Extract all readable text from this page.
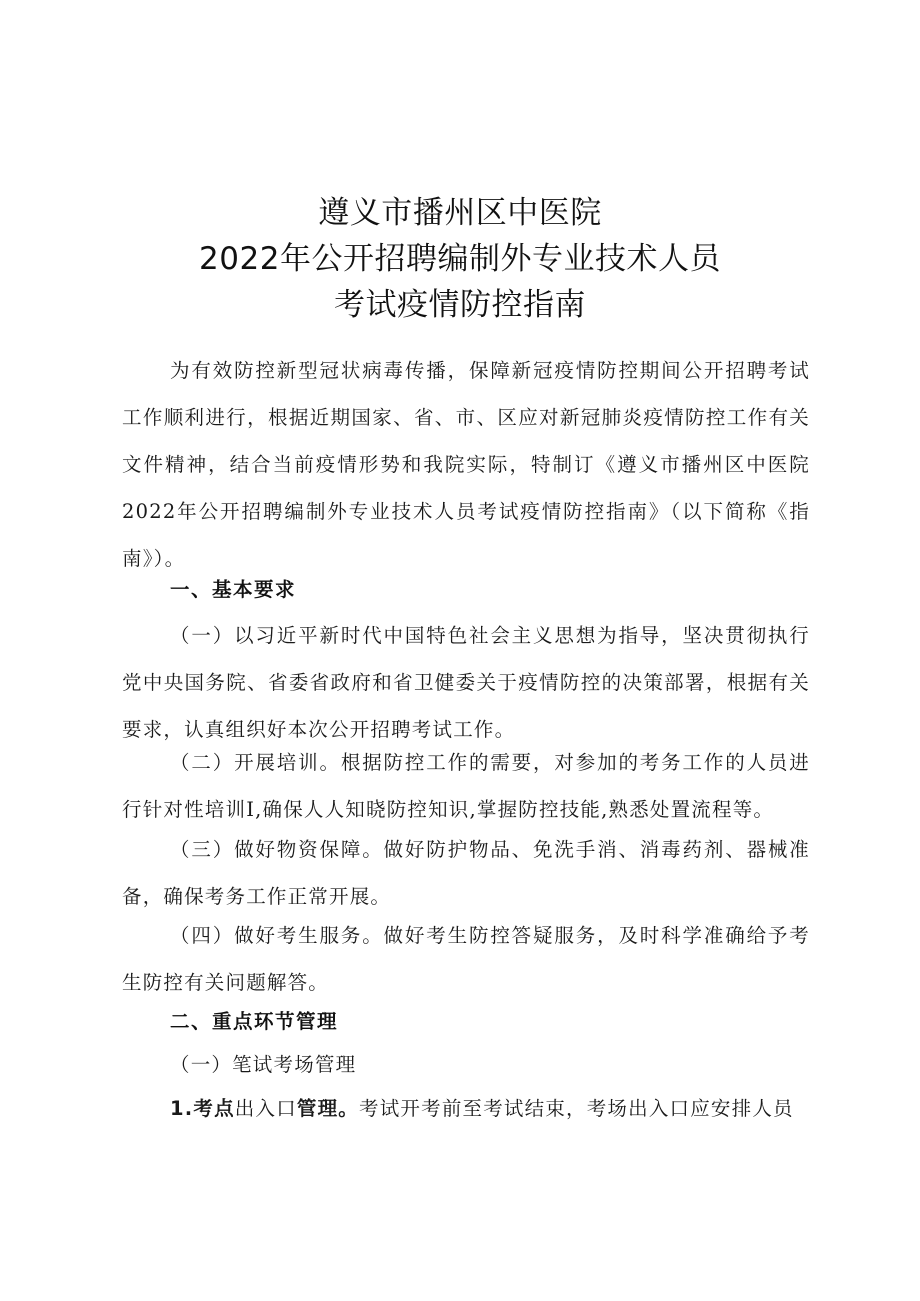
遵义市播州区中医院
2022年公开招聘编制外专业技术人员
考试疫情防控指南
为有效防控新型冠状病毒传播，保障新冠疫情防控期间公开招聘考试工作顺利进行，根据近期国家、省、市、区应对新冠肺炎疫情防控工作有关文件精神，结合当前疫情形势和我院实际，特制订《遵义市播州区中医院2022年公开招聘编制外专业技术人员考试疫情防控指南》（以下简称《指南》）。
一、基本要求
（一）以习近平新时代中国特色社会主义思想为指导，坚决贯彻执行党中央国务院、省委省政府和省卫健委关于疫情防控的决策部署，根据有关要求，认真组织好本次公开招聘考试工作。
（二）开展培训。根据防控工作的需要，对参加的考务工作的人员进行针对性培训Ⅰ,确保人人知晓防控知识,掌握防控技能,熟悉处置流程等。
（三）做好物资保障。做好防护物品、免洗手消、消毒药剂、器械准备，确保考务工作正常开展。
（四）做好考生服务。做好考生防控答疑服务，及时科学准确给予考生防控有关问题解答。
二、重点环节管理
（一）笔试考场管理
1.考点出入口管理。考试开考前至考试结束，考场出入口应安排人员
